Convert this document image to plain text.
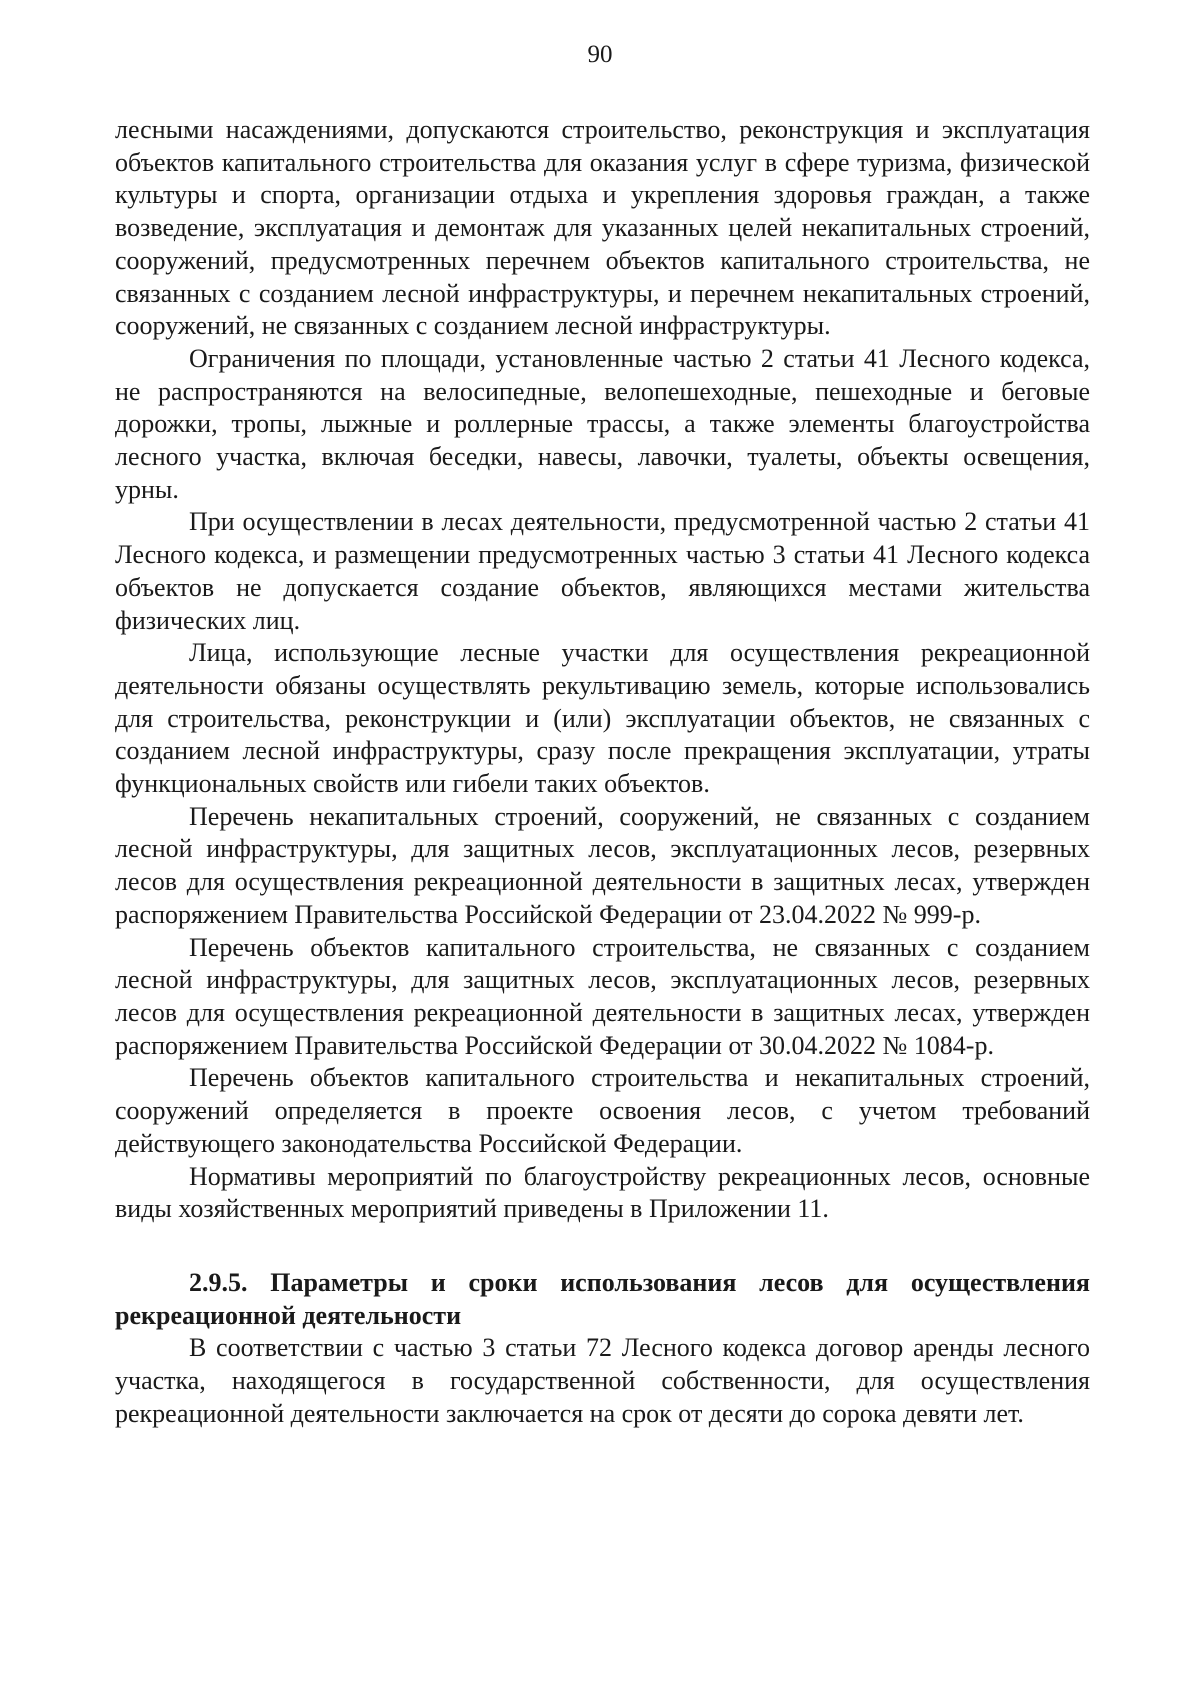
90

лесными насаждениями, допускаются строительство, реконструкция и эксплуатация объектов капитального строительства для оказания услуг в сфере туризма, физической культуры и спорта, организации отдыха и укрепления здоровья граждан, а также возведение, эксплуатация и демонтаж для указанных целей некапитальных строений, сооружений, предусмотренных перечнем объектов капитального строительства, не связанных с созданием лесной инфраструктуры, и перечнем некапитальных строений, сооружений, не связанных с созданием лесной инфраструктуры.

Ограничения по площади, установленные частью 2 статьи 41 Лесного кодекса, не распространяются на велосипедные, велопешеходные, пешеходные и беговые дорожки, тропы, лыжные и роллерные трассы, а также элементы благоустройства лесного участка, включая беседки, навесы, лавочки, туалеты, объекты освещения, урны.

При осуществлении в лесах деятельности, предусмотренной частью 2 статьи 41 Лесного кодекса, и размещении предусмотренных частью 3 статьи 41 Лесного кодекса объектов не допускается создание объектов, являющихся местами жительства физических лиц.

Лица, использующие лесные участки для осуществления рекреационной деятельности обязаны осуществлять рекультивацию земель, которые использовались для строительства, реконструкции и (или) эксплуатации объектов, не связанных с созданием лесной инфраструктуры, сразу после прекращения эксплуатации, утраты функциональных свойств или гибели таких объектов.

Перечень некапитальных строений, сооружений, не связанных с созданием лесной инфраструктуры, для защитных лесов, эксплуатационных лесов, резервных лесов для осуществления рекреационной деятельности в защитных лесах, утвержден распоряжением Правительства Российской Федерации от 23.04.2022 № 999-р.

Перечень объектов капитального строительства, не связанных с созданием лесной инфраструктуры, для защитных лесов, эксплуатационных лесов, резервных лесов для осуществления рекреационной деятельности в защитных лесах, утвержден распоряжением Правительства Российской Федерации от 30.04.2022 № 1084-р.

Перечень объектов капитального строительства и некапитальных строений, сооружений определяется в проекте освоения лесов, с учетом требований действующего законодательства Российской Федерации.

Нормативы мероприятий по благоустройству рекреационных лесов, основные виды хозяйственных мероприятий приведены в Приложении 11.

2.9.5. Параметры и сроки использования лесов для осуществления рекреационной деятельности

В соответствии с частью 3 статьи 72 Лесного кодекса договор аренды лесного участка, находящегося в государственной собственности, для осуществления рекреационной деятельности заключается на срок от десяти до сорока девяти лет.
